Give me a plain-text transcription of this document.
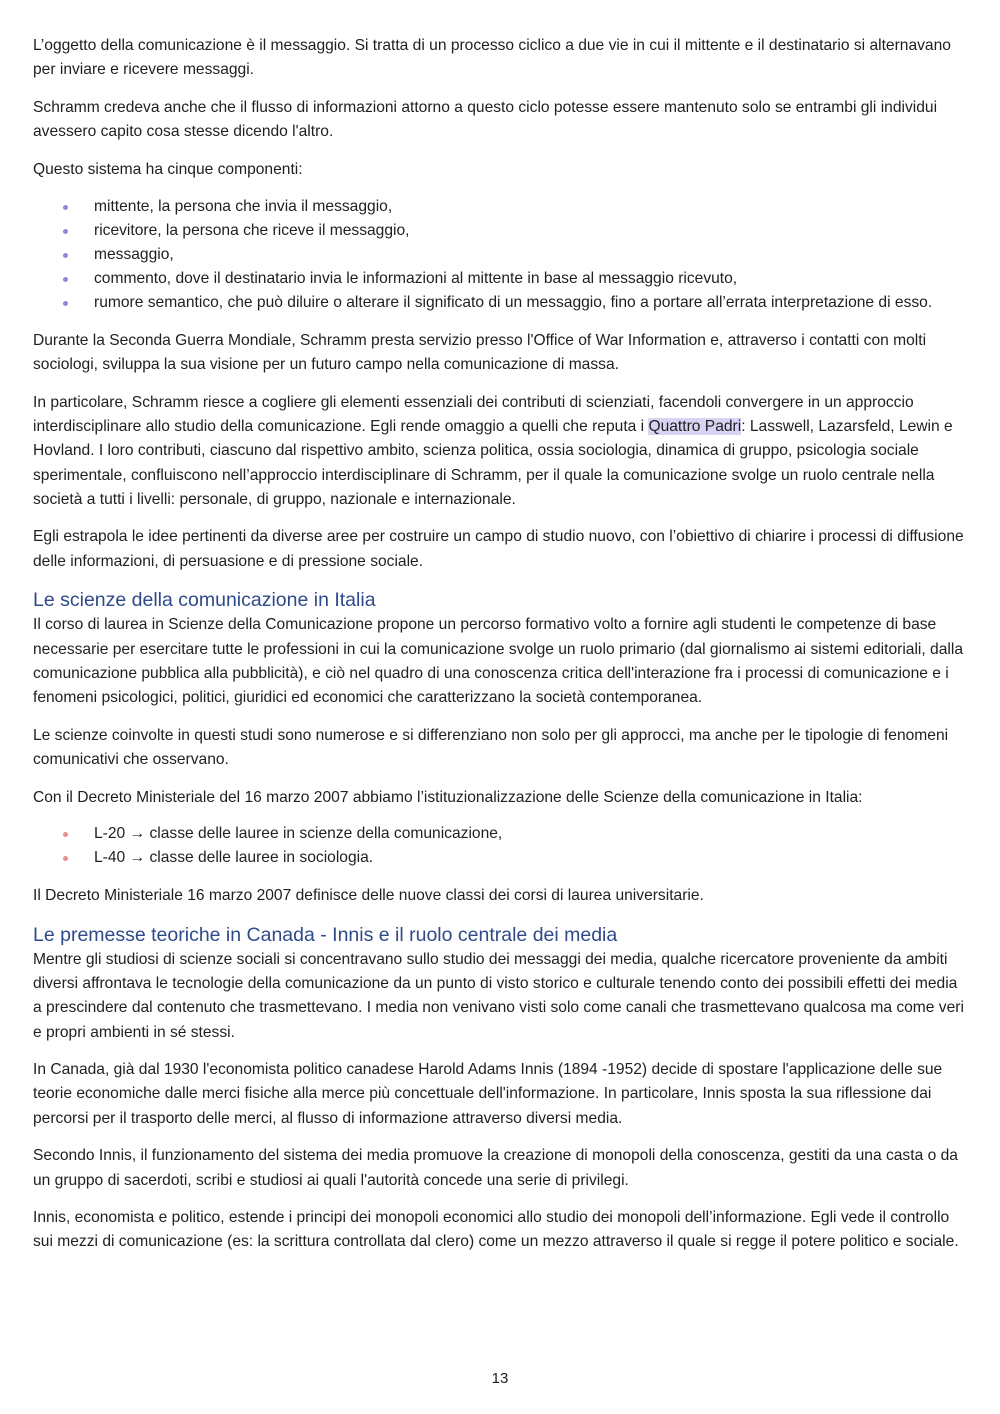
L’oggetto della comunicazione è il messaggio. Si tratta di un processo ciclico a due vie in cui il mittente e il destinatario si alternavano per inviare e ricevere messaggi.

Schramm credeva anche che il flusso di informazioni attorno a questo ciclo potesse essere mantenuto solo se entrambi gli individui avessero capito cosa stesse dicendo l'altro.

Questo sistema ha cinque componenti:

mittente, la persona che invia il messaggio,
ricevitore, la persona che riceve il messaggio,
messaggio,
commento, dove il destinatario invia le informazioni al mittente in base al messaggio ricevuto,
rumore semantico, che può diluire o alterare il significato di un messaggio, fino a portare all’errata interpretazione di esso.

Durante la Seconda Guerra Mondiale, Schramm presta servizio presso l'Office of War Information e, attraverso i contatti con molti sociologi, sviluppa la sua visione per un futuro campo nella comunicazione di massa.

In particolare, Schramm riesce a cogliere gli elementi essenziali dei contributi di scienziati, facendoli convergere in un approccio interdisciplinare allo studio della comunicazione. Egli rende omaggio a quelli che reputa i Quattro Padri: Lasswell, Lazarsfeld, Lewin e Hovland. I loro contributi, ciascuno dal rispettivo ambito, scienza politica, ossia sociologia, dinamica di gruppo, psicologia sociale sperimentale, confluiscono nell’approccio interdisciplinare di Schramm, per il quale la comunicazione svolge un ruolo centrale nella società a tutti i livelli: personale, di gruppo, nazionale e internazionale.

Egli estrapola le idee pertinenti da diverse aree per costruire un campo di studio nuovo, con l’obiettivo di chiarire i processi di diffusione delle informazioni, di persuasione e di pressione sociale.

Le scienze della comunicazione in Italia

Il corso di laurea in Scienze della Comunicazione propone un percorso formativo volto a fornire agli studenti le competenze di base necessarie per esercitare tutte le professioni in cui la comunicazione svolge un ruolo primario (dal giornalismo ai sistemi editoriali, dalla comunicazione pubblica alla pubblicità), e ciò nel quadro di una conoscenza critica dell'interazione fra i processi di comunicazione e i fenomeni psicologici, politici, giuridici ed economici che caratterizzano la società contemporanea.

Le scienze coinvolte in questi studi sono numerose e si differenziano non solo per gli approcci, ma anche per le tipologie di fenomeni comunicativi che osservano.

Con il Decreto Ministeriale del 16 marzo 2007 abbiamo l’istituzionalizzazione delle Scienze della comunicazione in Italia:

L-20 → classe delle lauree in scienze della comunicazione,
L-40 → classe delle lauree in sociologia.

Il Decreto Ministeriale 16 marzo 2007 definisce delle nuove classi dei corsi di laurea universitarie.

Le premesse teoriche in Canada - Innis e il ruolo centrale dei media

Mentre gli studiosi di scienze sociali si concentravano sullo studio dei messaggi dei media, qualche ricercatore proveniente da ambiti diversi affrontava le tecnologie della comunicazione da un punto di visto storico e culturale tenendo conto dei possibili effetti dei media a prescindere dal contenuto che trasmettevano. I media non venivano visti solo come canali che trasmettevano qualcosa ma come veri e propri ambienti in sé stessi.

In Canada, già dal 1930 l'economista politico canadese Harold Adams Innis (1894 -1952) decide di spostare l'applicazione delle sue teorie economiche dalle merci fisiche alla merce più concettuale dell'informazione. In particolare, Innis sposta la sua riflessione dai percorsi per il trasporto delle merci, al flusso di informazione attraverso diversi media.

Secondo Innis, il funzionamento del sistema dei media promuove la creazione di monopoli della conoscenza, gestiti da una casta o da un gruppo di sacerdoti, scribi e studiosi ai quali l'autorità concede una serie di privilegi.

Innis, economista e politico, estende i principi dei monopoli economici allo studio dei monopoli dell’informazione. Egli vede il controllo sui mezzi di comunicazione (es: la scrittura controllata dal clero) come un mezzo attraverso il quale si regge il potere politico e sociale.

13
